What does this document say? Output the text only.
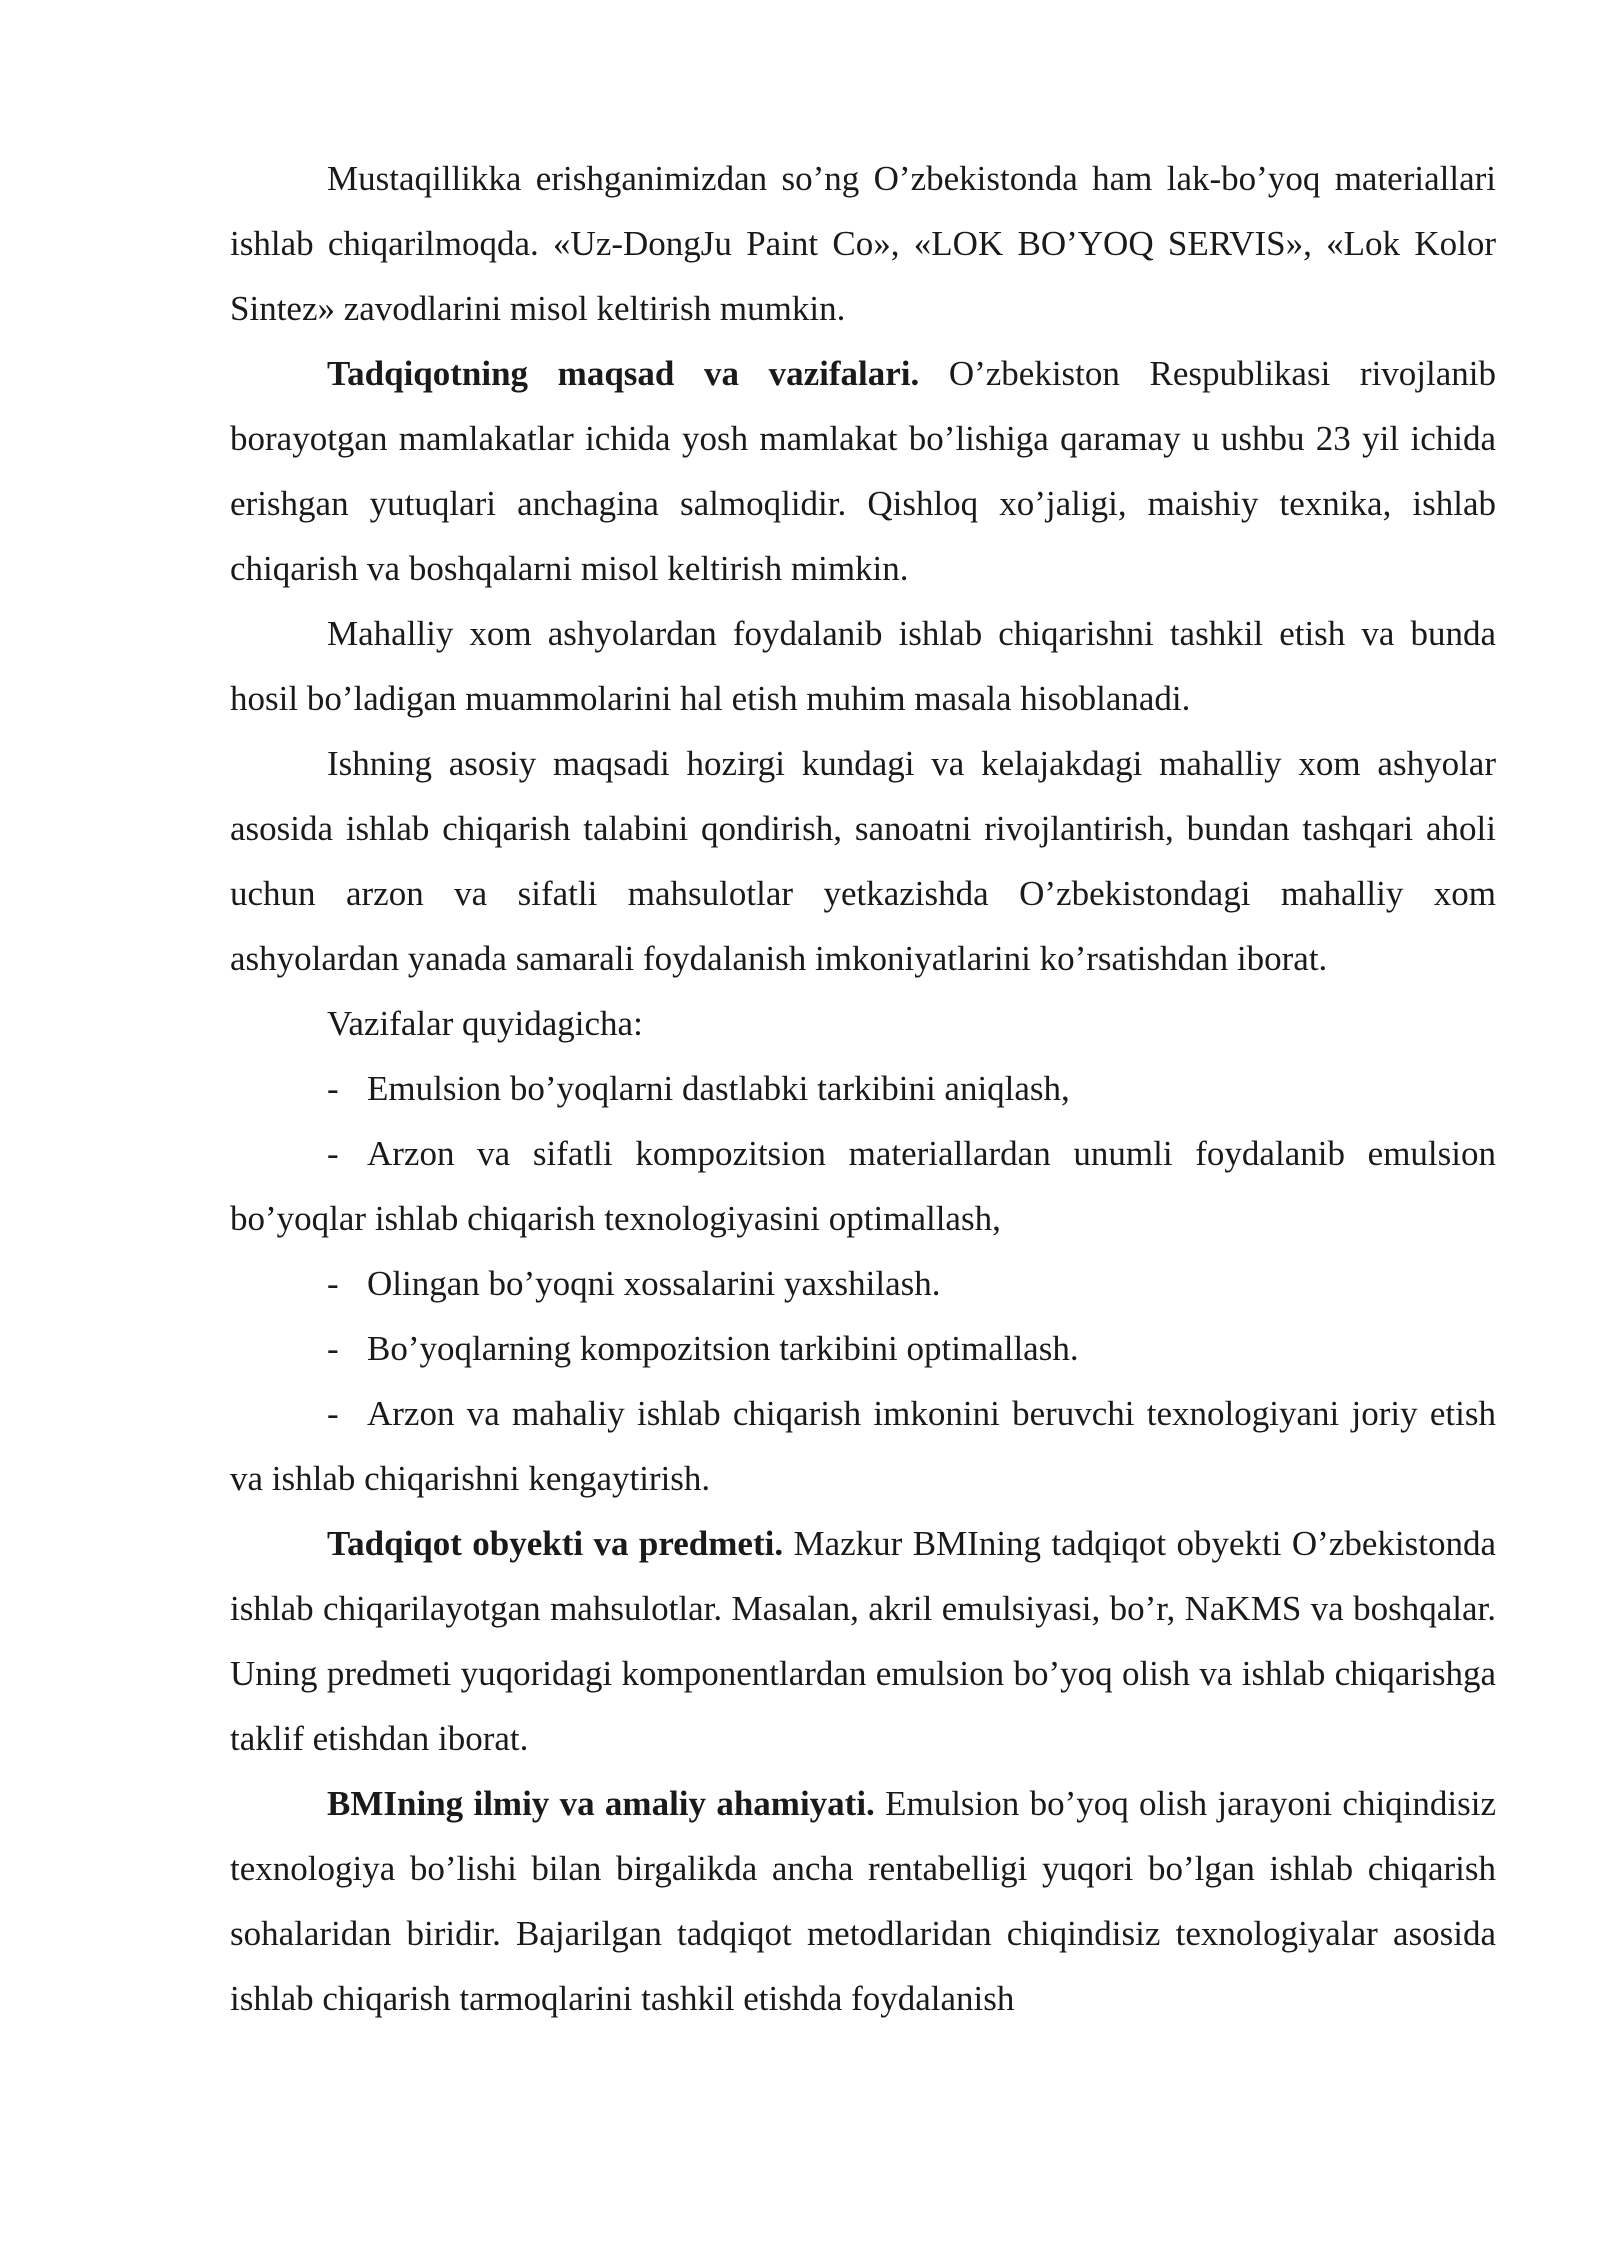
Mustaqillikka erishganimizdan so’ng O’zbekistonda ham lak-bo’yoq materiallari ishlab chiqarilmoqda. «Uz-DongJu Paint Co», «LOK BO’YOQ SERVIS», «Lok Kolor Sintez» zavodlarini misol keltirish mumkin.

Tadqiqotning maqsad va vazifalari. O’zbekiston Respublikasi rivojlanib borayotgan mamlakatlar ichida yosh mamlakat bo’lishiga qaramay u ushbu 23 yil ichida erishgan yutuqlari anchagina salmoqlidir. Qishloq xo’jaligi, maishiy texnika, ishlab chiqarish va boshqalarni misol keltirish mimkin.

Mahalliy xom ashyolardan foydalanib ishlab chiqarishni tashkil etish va bunda hosil bo’ladigan muammolarini hal etish muhim masala hisoblanadi.

Ishning asosiy maqsadi hozirgi kundagi va kelajakdagi mahalliy xom ashyolar asosida ishlab chiqarish talabini qondirish, sanoatni rivojlantirish, bundan tashqari aholi uchun arzon va sifatli mahsulotlar yetkazishda O’zbekistondagi mahalliy xom ashyolardan yanada samarali foydalanish imkoniyatlarini ko’rsatishdan iborat.

Vazifalar quyidagicha:

- Emulsion bo’yoqlarni dastlabki tarkibini aniqlash,

- Arzon va sifatli kompozitsion materiallardan unumli foydalanib emulsion bo’yoqlar ishlab chiqarish texnologiyasini optimallash,

- Olingan bo’yoqni xossalarini yaxshilash.

- Bo’yoqlarning kompozitsion tarkibini optimallash.

- Arzon va mahaliy ishlab chiqarish imkonini beruvchi texnologiyani joriy etish va ishlab chiqarishni kengaytirish.

Tadqiqot obyekti va predmeti. Mazkur BMIning tadqiqot obyekti O’zbekistonda ishlab chiqarilayotgan mahsulotlar. Masalan, akril emulsiyasi, bo’r, NaKMS va boshqalar. Uning predmeti yuqoridagi komponentlardan emulsion bo’yoq olish va ishlab chiqarishga taklif etishdan iborat.

BMIning ilmiy va amaliy ahamiyati. Emulsion bo’yoq olish jarayoni chiqindisiz texnologiya bo’lishi bilan birgalikda ancha rentabelligi yuqori bo’lgan ishlab chiqarish sohalaridan biridir. Bajarilgan tadqiqot metodlaridan chiqindisiz texnologiyalar asosida ishlab chiqarish tarmoqlarini tashkil etishda foydalanish
